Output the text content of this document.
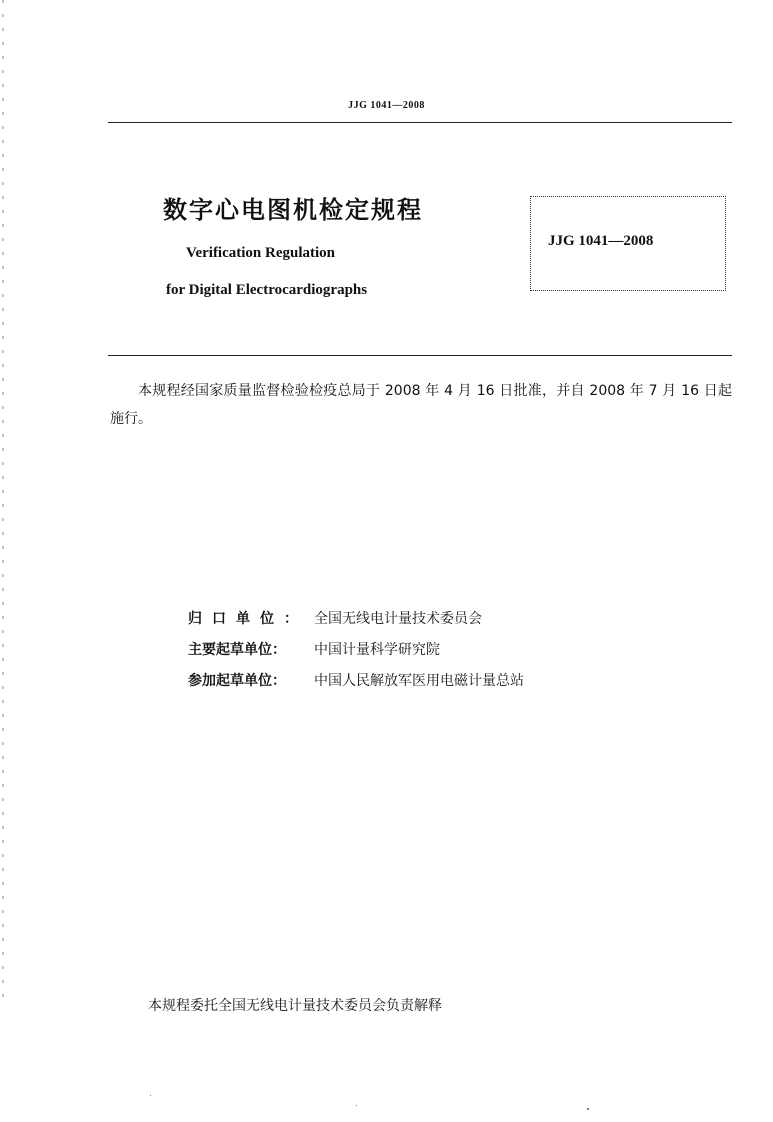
JJG 1041—2008
数字心电图机检定规程
Verification Regulation
for Digital Electrocardiographs
JJG 1041—2008
本规程经国家质量监督检验检疫总局于 2008 年 4 月 16 日批准，并自 2008 年 7 月 16 日起施行。
归口单位： 全国无线电计量技术委员会
主要起草单位： 中国计量科学研究院
参加起草单位： 中国人民解放军医用电磁计量总站
本规程委托全国无线电计量技术委员会负责解释
